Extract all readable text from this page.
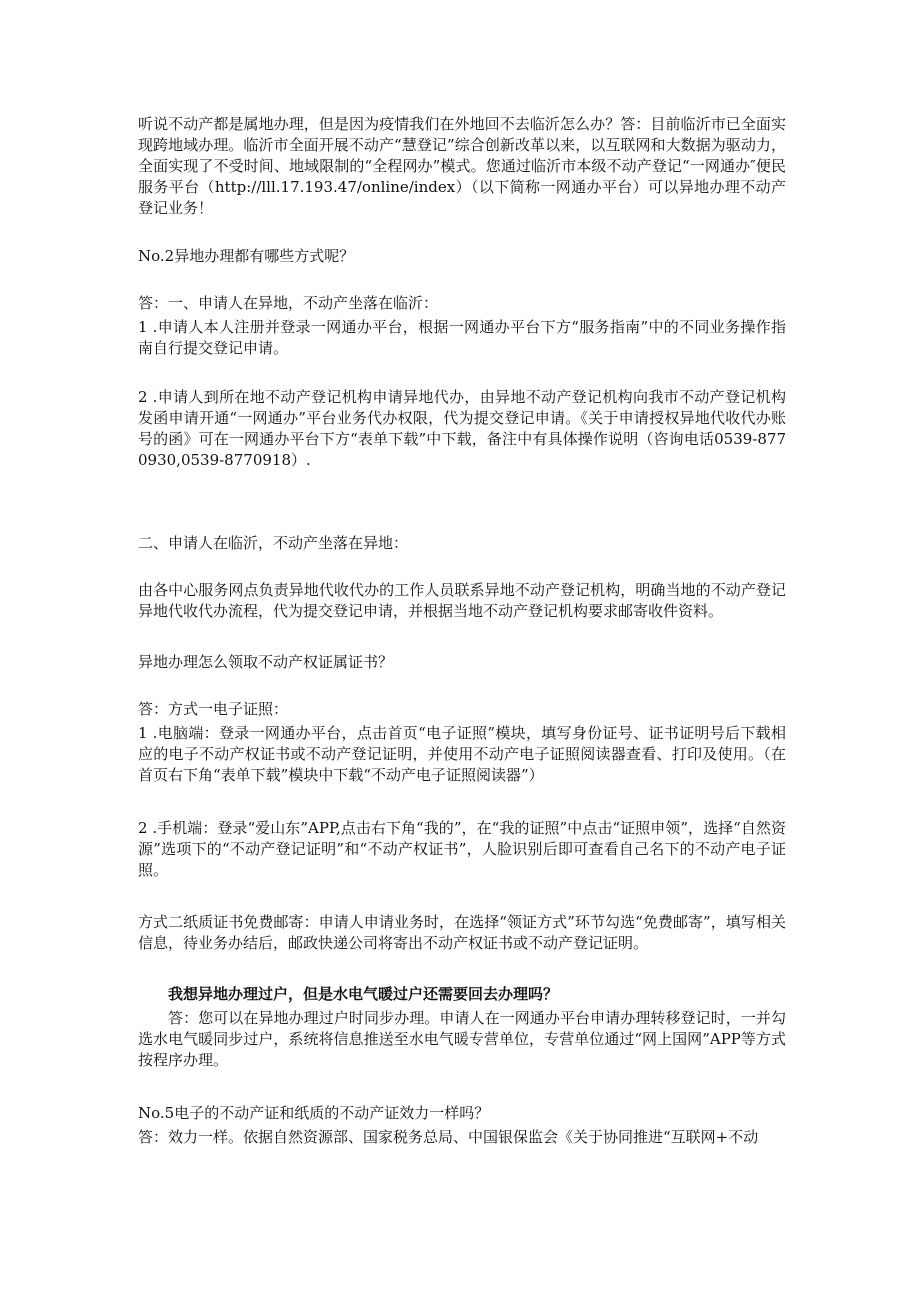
听说不动产都是属地办理，但是因为疫情我们在外地回不去临沂怎么办？答：目前临沂市已全面实现跨地域办理。临沂市全面开展不动产“慧登记”综合创新改革以来，以互联网和大数据为驱动力，全面实现了不受时间、地域限制的“全程网办”模式。您通过临沂市本级不动产登记“一网通办″便民服务平台（http://lll.17.193.47/online/index）（以下简称一网通办平台）可以异地办理不动产登记业务！

No.2异地办理都有哪些方式呢？

答：一、申请人在异地，不动产坐落在临沂：

1 .申请人本人注册并登录一网通办平台，根据一网通办平台下方“服务指南”中的不同业务操作指南自行提交登记申请。

2 .申请人到所在地不动产登记机构申请异地代办，由异地不动产登记机构向我市不动产登记机构发函申请开通“一网通办”平台业务代办权限，代为提交登记申请。《关于申请授权异地代收代办账号的函》可在一网通办平台下方“表单下载”中下载，备注中有具体操作说明（咨询电话0539-8770930,0539-8770918）.

二、申请人在临沂，不动产坐落在异地：

由各中心服务网点负责异地代收代办的工作人员联系异地不动产登记机构，明确当地的不动产登记异地代收代办流程，代为提交登记申请，并根据当地不动产登记机构要求邮寄收件资料。

异地办理怎么领取不动产权证属证书？

答：方式一电子证照：

1 .电脑端：登录一网通办平台，点击首页“电子证照”模块，填写身份证号、证书证明号后下载相应的电子不动产权证书或不动产登记证明，并使用不动产电子证照阅读器查看、打印及使用。（在首页右下角“表单下载”模块中下载“不动产电子证照阅读器”）

2 .手机端：登录“爱山东”APP,点击右下角“我的”，在“我的证照”中点击“证照申领”，选择“自然资源”选项下的“不动产登记证明”和“不动产权证书”，人脸识别后即可查看自己名下的不动产电子证照。

方式二纸质证书免费邮寄：申请人申请业务时，在选择“领证方式”环节勾选“免费邮寄”，填写相关信息，待业务办结后，邮政快递公司将寄出不动产权证书或不动产登记证明。

我想异地办理过户，但是水电气暖过户还需要回去办理吗？

答：您可以在异地办理过户时同步办理。申请人在一网通办平台申请办理转移登记时，一并勾选水电气暖同步过户，系统将信息推送至水电气暖专营单位，专营单位通过“网上国网”APP等方式按程序办理。

No.5电子的不动产证和纸质的不动产证效力一样吗？

答：效力一样。依据自然资源部、国家税务总局、中国银保监会《关于协同推进“互联网+不动
